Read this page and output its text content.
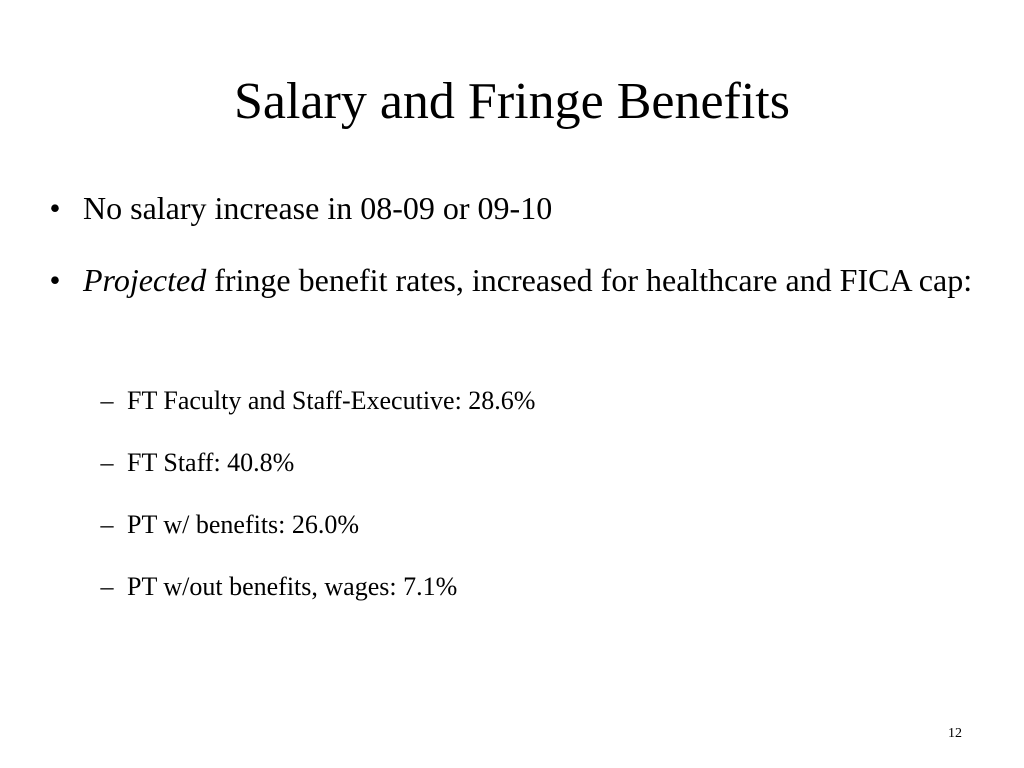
Salary and Fringe Benefits
• No salary increase in 08-09 or 09-10
• Projected fringe benefit rates, increased for healthcare and FICA cap:
– FT Faculty and Staff-Executive: 28.6%
– FT Staff: 40.8%
– PT w/ benefits: 26.0%
– PT w/out benefits, wages: 7.1%
12
